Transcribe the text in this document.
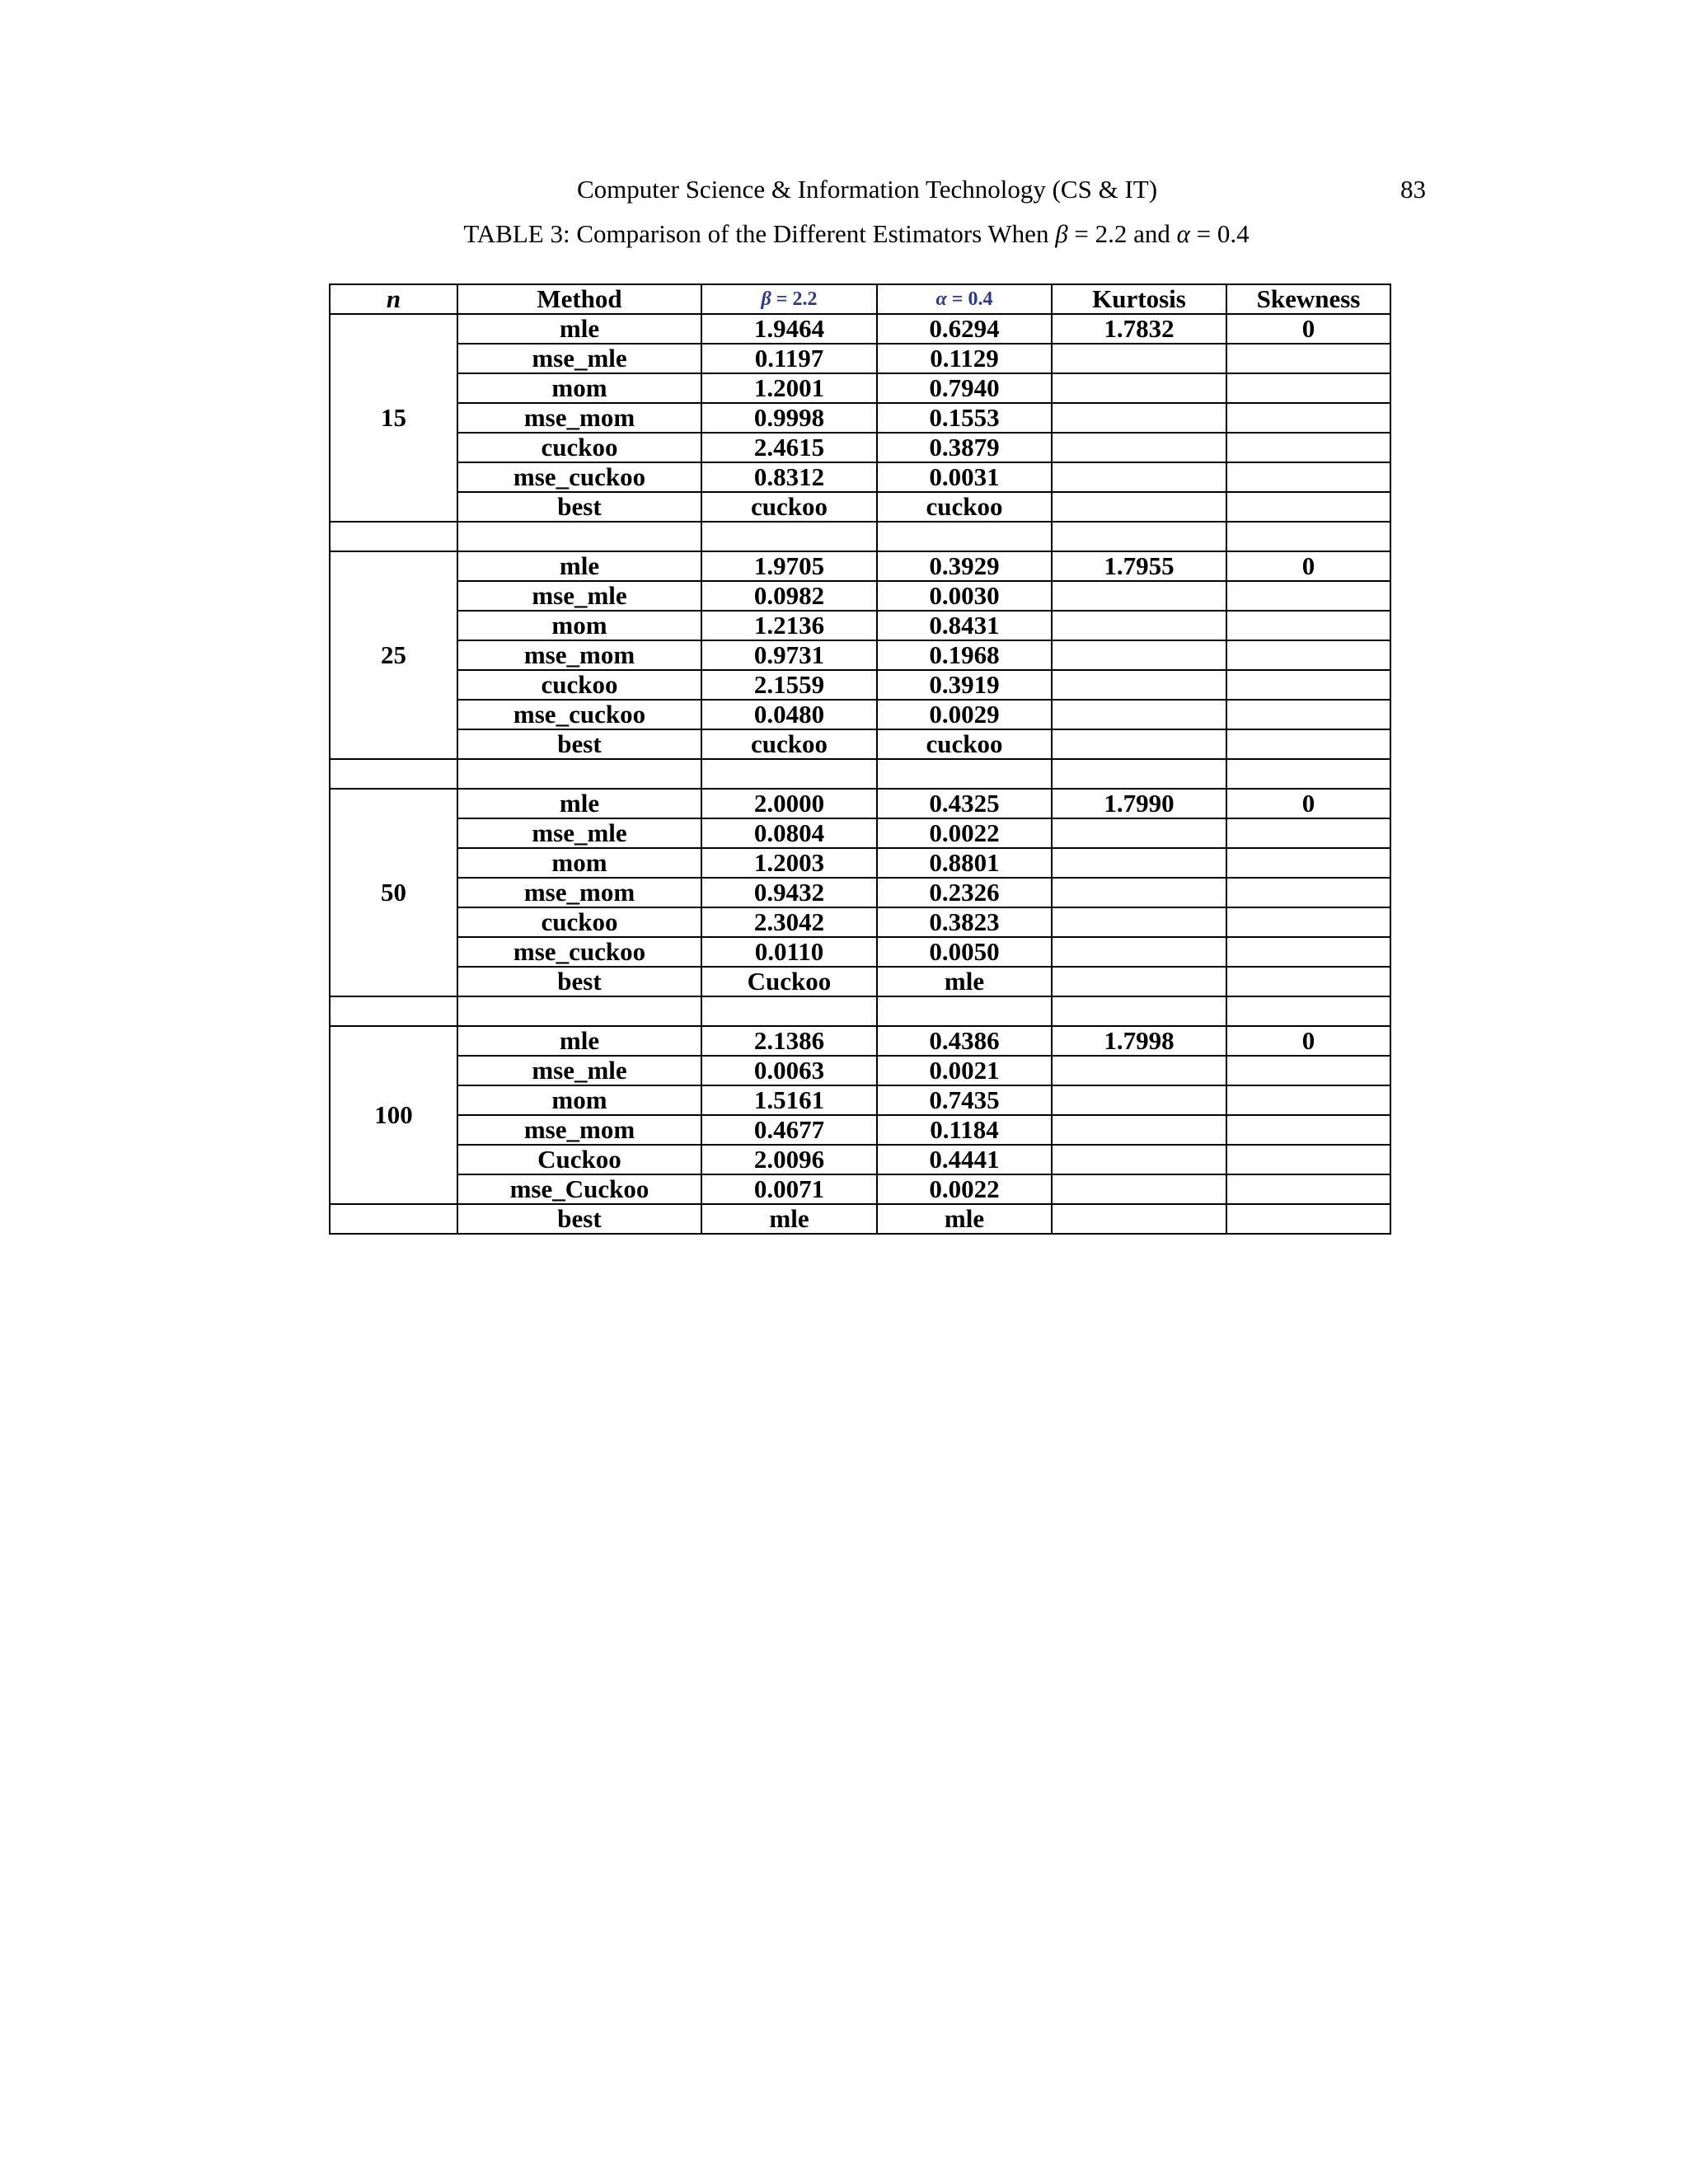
Computer Science & Information Technology (CS & IT)	83
TABLE 3: Comparison of the Different Estimators When β = 2.2 and α = 0.4
n	Method	β = 2.2	α = 0.4	Kurtosis	Skewness
15	mle	1.9464	0.6294	1.7832	0
	mse_mle	0.1197	0.1129		
	mom	1.2001	0.7940		
	mse_mom	0.9998	0.1553		
	cuckoo	2.4615	0.3879		
	mse_cuckoo	0.8312	0.0031		
	best	cuckoo	cuckoo		

25	mle	1.9705	0.3929	1.7955	0
	mse_mle	0.0982	0.0030		
	mom	1.2136	0.8431		
	mse_mom	0.9731	0.1968		
	cuckoo	2.1559	0.3919		
	mse_cuckoo	0.0480	0.0029		
	best	cuckoo	cuckoo		

50	mle	2.0000	0.4325	1.7990	0
	mse_mle	0.0804	0.0022		
	mom	1.2003	0.8801		
	mse_mom	0.9432	0.2326		
	cuckoo	2.3042	0.3823		
	mse_cuckoo	0.0110	0.0050		
	best	Cuckoo	mle		

100	mle	2.1386	0.4386	1.7998	0
	mse_mle	0.0063	0.0021		
	mom	1.5161	0.7435		
	mse_mom	0.4677	0.1184		
	Cuckoo	2.0096	0.4441		
	mse_Cuckoo	0.0071	0.0022		
	best	mle	mle		
